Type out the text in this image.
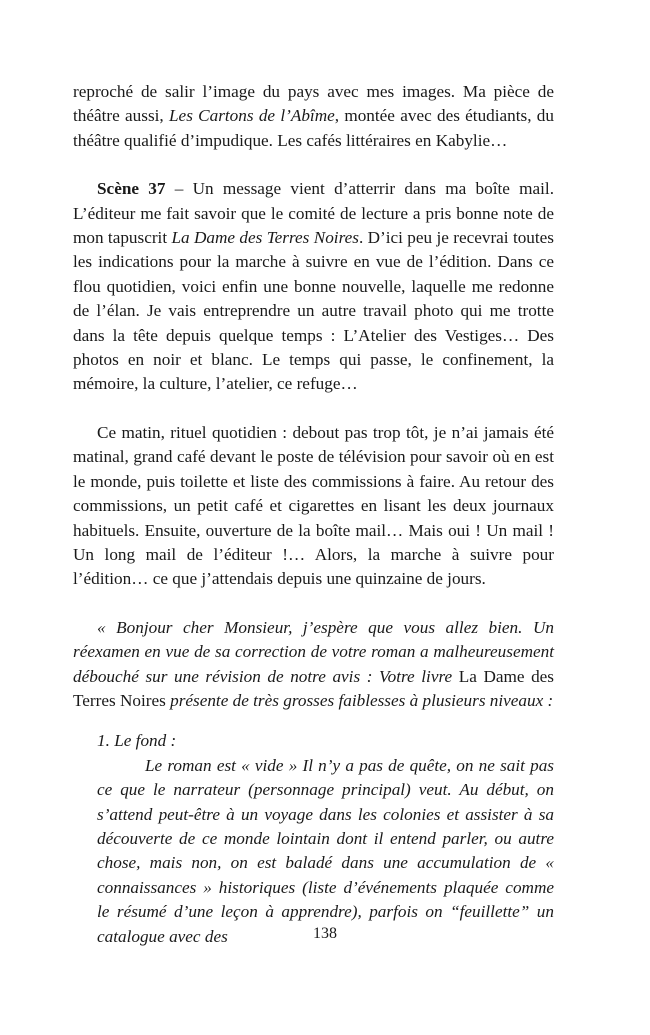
reproché de salir l’image du pays avec mes images. Ma pièce de théâtre aussi, Les Cartons de l’Abîme, montée avec des étudiants, du théâtre qualifié d’impudique. Les cafés littéraires en Kabylie…

Scène 37 – Un message vient d’atterrir dans ma boîte mail. L’éditeur me fait savoir que le comité de lecture a pris bonne note de mon tapuscrit La Dame des Terres Noires. D’ici peu je recevrai toutes les indications pour la marche à suivre en vue de l’édition. Dans ce flou quotidien, voici enfin une bonne nouvelle, laquelle me redonne de l’élan. Je vais entreprendre un autre travail photo qui me trotte dans la tête depuis quelque temps : L’Atelier des Vestiges… Des photos en noir et blanc. Le temps qui passe, le confinement, la mémoire, la culture, l’atelier, ce refuge…

Ce matin, rituel quotidien : debout pas trop tôt, je n’ai jamais été matinal, grand café devant le poste de télévision pour savoir où en est le monde, puis toilette et liste des commissions à faire. Au retour des commissions, un petit café et cigarettes en lisant les deux journaux habituels. Ensuite, ouverture de la boîte mail… Mais oui ! Un mail ! Un long mail de l’éditeur !… Alors, la marche à suivre pour l’édition… ce que j’attendais depuis une quinzaine de jours.

« Bonjour cher Monsieur, j’espère que vous allez bien. Un réexamen en vue de sa correction de votre roman a malheureusement débouché sur une révision de notre avis : Votre livre La Dame des Terres Noires présente de très grosses faiblesses à plusieurs niveaux :

1. Le fond :

Le roman est « vide » Il n’y a pas de quête, on ne sait pas ce que le narrateur (personnage principal) veut. Au début, on s’attend peut-être à un voyage dans les colonies et assister à sa découverte de ce monde lointain dont il entend parler, ou autre chose, mais non, on est baladé dans une accumulation de « connaissances » historiques (liste d’événements plaquée comme le résumé d’une leçon à apprendre), parfois on “feuillette” un catalogue avec des	138
